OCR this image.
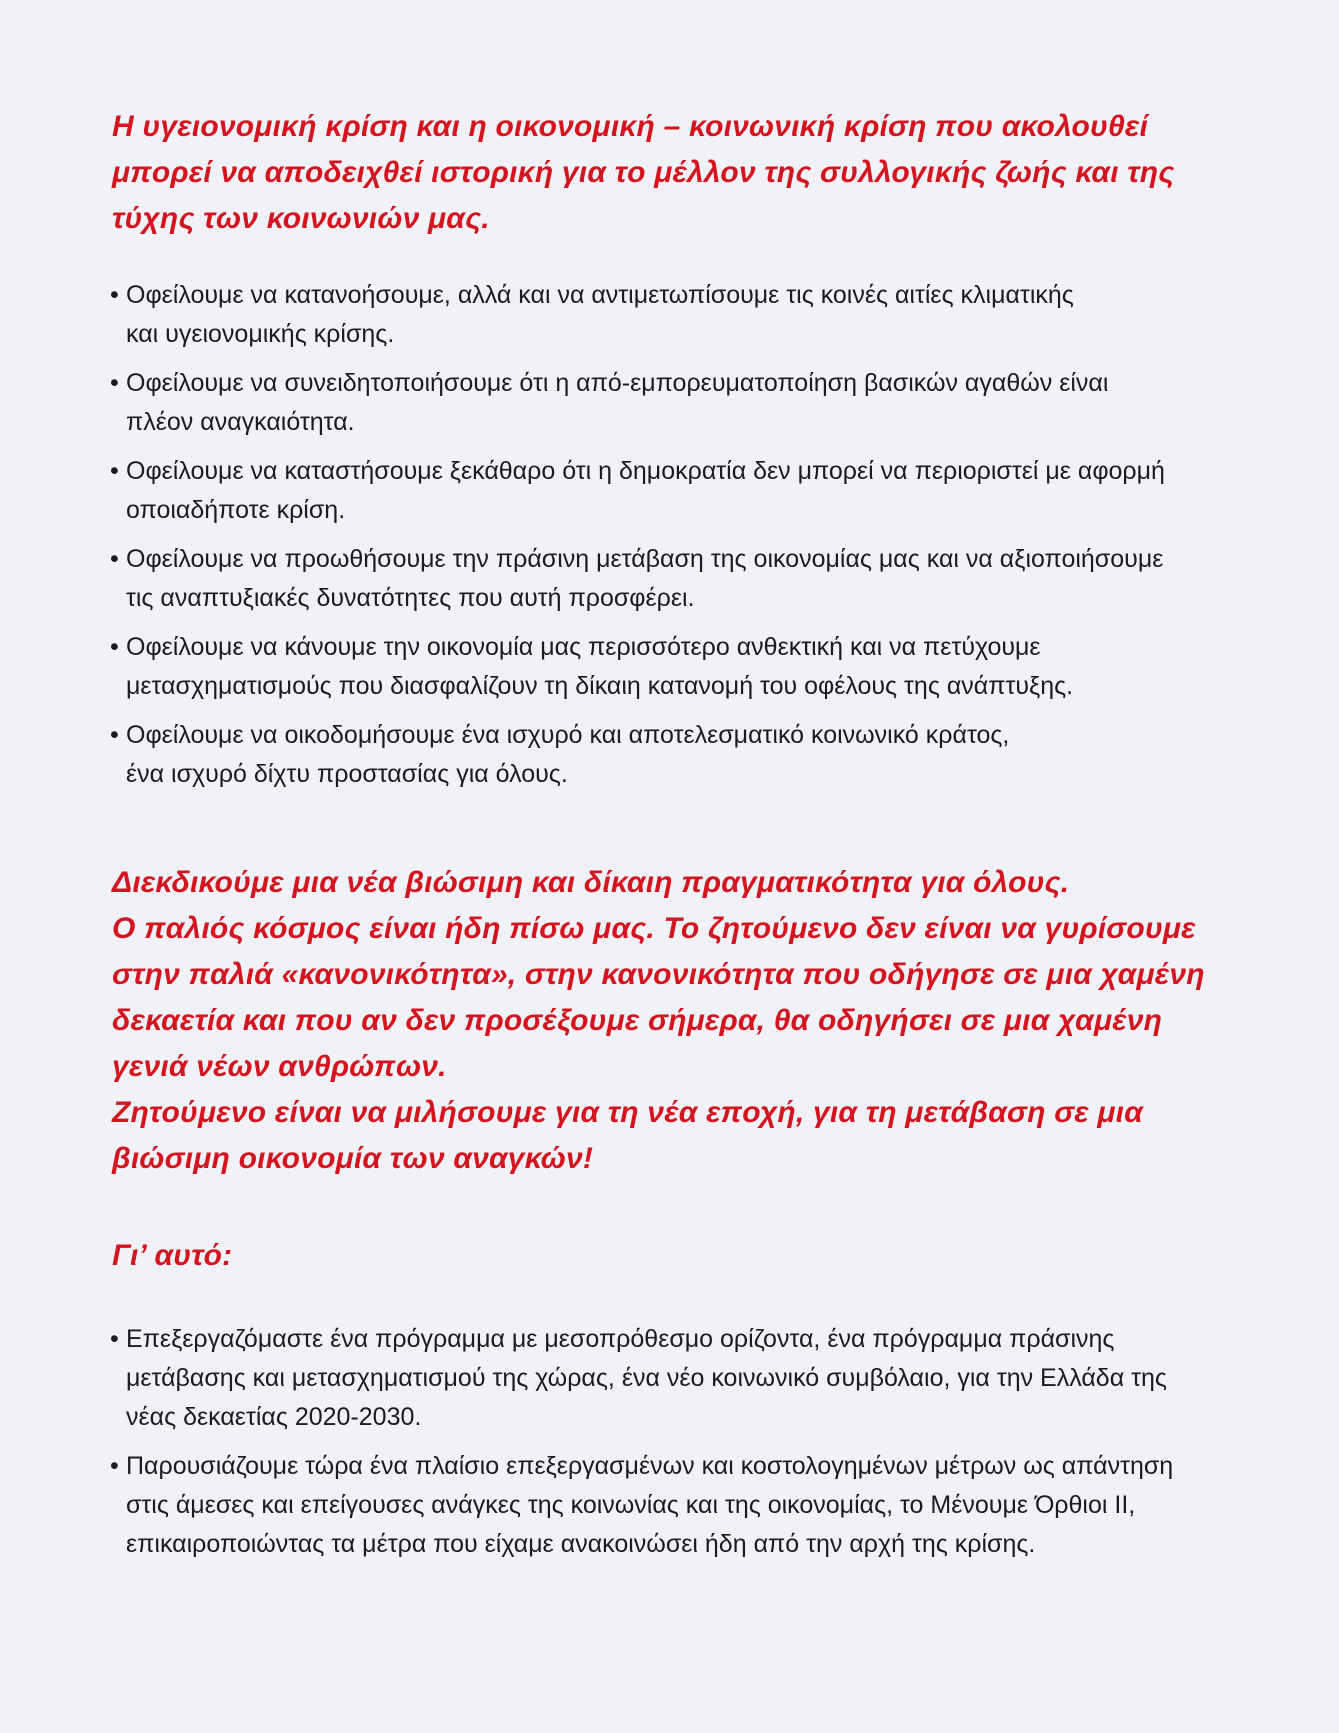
Η υγειονομική κρίση και η οικονομική – κοινωνική κρίση που ακολουθεί
μπορεί να αποδειχθεί ιστορική για το μέλλον της συλλογικής ζωής και της
τύχης των κοινωνιών μας.

• Οφείλουμε να κατανοήσουμε, αλλά και να αντιμετωπίσουμε τις κοινές αιτίες κλιματικής
και υγειονομικής κρίσης.
• Οφείλουμε να συνειδητοποιήσουμε ότι η από-εμπορευματοποίηση βασικών αγαθών είναι
πλέον αναγκαιότητα.
• Οφείλουμε να καταστήσουμε ξεκάθαρο ότι η δημοκρατία δεν μπορεί να περιοριστεί με αφορμή
οποιαδήποτε κρίση.
• Οφείλουμε να προωθήσουμε την πράσινη μετάβαση της οικονομίας μας και να αξιοποιήσουμε
τις αναπτυξιακές δυνατότητες που αυτή προσφέρει.
• Οφείλουμε να κάνουμε την οικονομία μας περισσότερο ανθεκτική και να πετύχουμε
μετασχηματισμούς που διασφαλίζουν τη δίκαιη κατανομή του οφέλους της ανάπτυξης.
• Οφείλουμε να οικοδομήσουμε ένα ισχυρό και αποτελεσματικό κοινωνικό κράτος,
ένα ισχυρό δίχτυ προστασίας για όλους.

Διεκδικούμε μια νέα βιώσιμη και δίκαιη πραγματικότητα για όλους.
Ο παλιός κόσμος είναι ήδη πίσω μας. Το ζητούμενο δεν είναι να γυρίσουμε
στην παλιά «κανονικότητα», στην κανονικότητα που οδήγησε σε μια χαμένη
δεκαετία και που αν δεν προσέξουμε σήμερα, θα οδηγήσει σε μια χαμένη
γενιά νέων ανθρώπων.
Ζητούμενο είναι να μιλήσουμε για τη νέα εποχή, για τη μετάβαση σε μια
βιώσιμη οικονομία των αναγκών!

Γι’ αυτό:

• Επεξεργαζόμαστε ένα πρόγραμμα με μεσοπρόθεσμο ορίζοντα, ένα πρόγραμμα πράσινης
μετάβασης και μετασχηματισμού της χώρας, ένα νέο κοινωνικό συμβόλαιο, για την Ελλάδα της
νέας δεκαετίας 2020-2030.
• Παρουσιάζουμε τώρα ένα πλαίσιο επεξεργασμένων και κοστολογημένων μέτρων ως απάντηση
στις άμεσες και επείγουσες ανάγκες της κοινωνίας και της οικονομίας, το Μένουμε Όρθιοι ΙΙ,
επικαιροποιώντας τα μέτρα που είχαμε ανακοινώσει ήδη από την αρχή της κρίσης.
